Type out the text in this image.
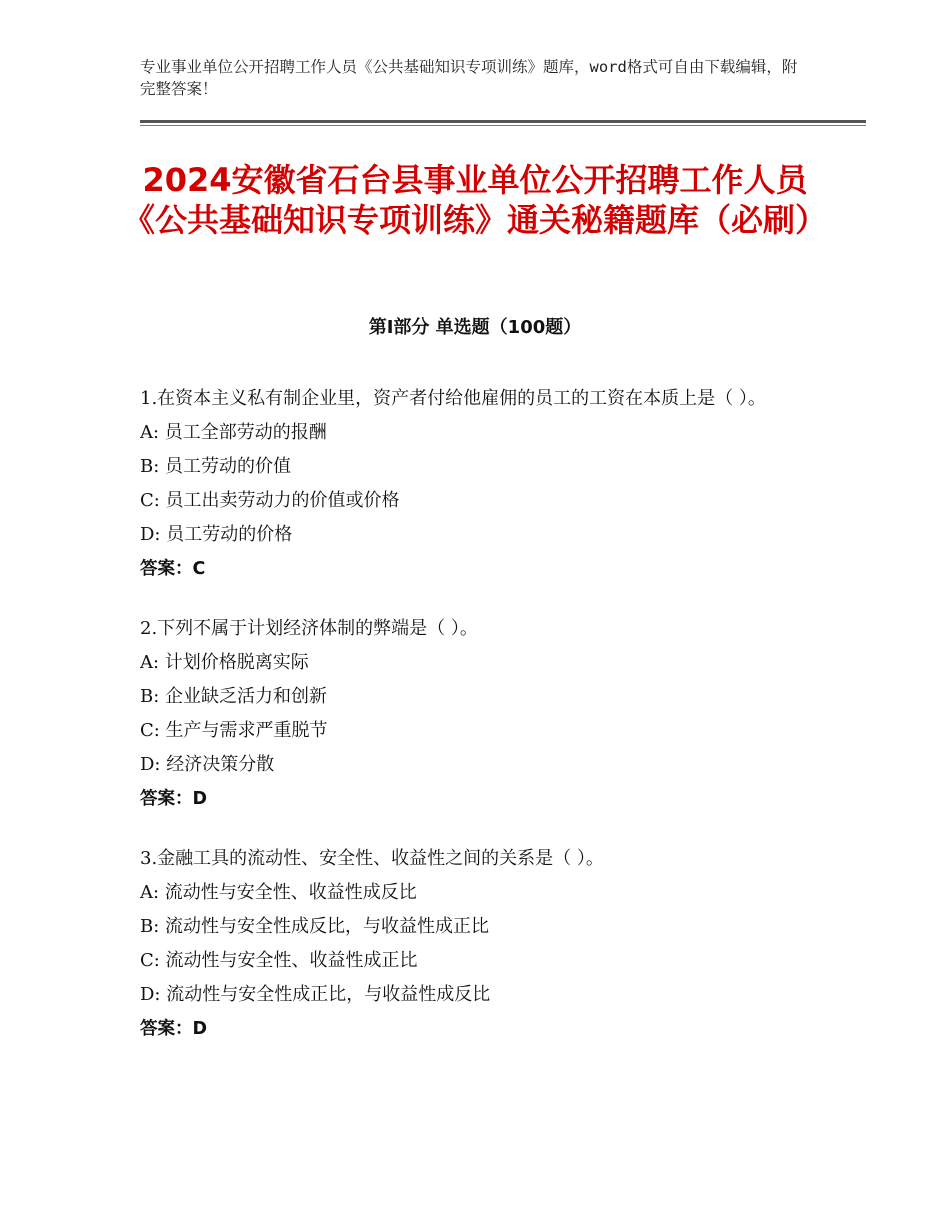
专业事业单位公开招聘工作人员《公共基础知识专项训练》题库，word格式可自由下载编辑，附完整答案！

2024安徽省石台县事业单位公开招聘工作人员《公共基础知识专项训练》通关秘籍题库（必刷）
第Ⅰ部分 单选题（100题）

1.在资本主义私有制企业里，资产者付给他雇佣的员工的工资在本质上是（ ）。

A: 员工全部劳动的报酬

B: 员工劳动的价值

C: 员工出卖劳动力的价值或价格

D: 员工劳动的价格

答案：C

2.下列不属于计划经济体制的弊端是（ ）。

A: 计划价格脱离实际

B: 企业缺乏活力和创新

C: 生产与需求严重脱节

D: 经济决策分散

答案：D

3.金融工具的流动性、安全性、收益性之间的关系是（ ）。

A: 流动性与安全性、收益性成反比

B: 流动性与安全性成反比，与收益性成正比

C: 流动性与安全性、收益性成正比

D: 流动性与安全性成正比，与收益性成反比

答案：D
